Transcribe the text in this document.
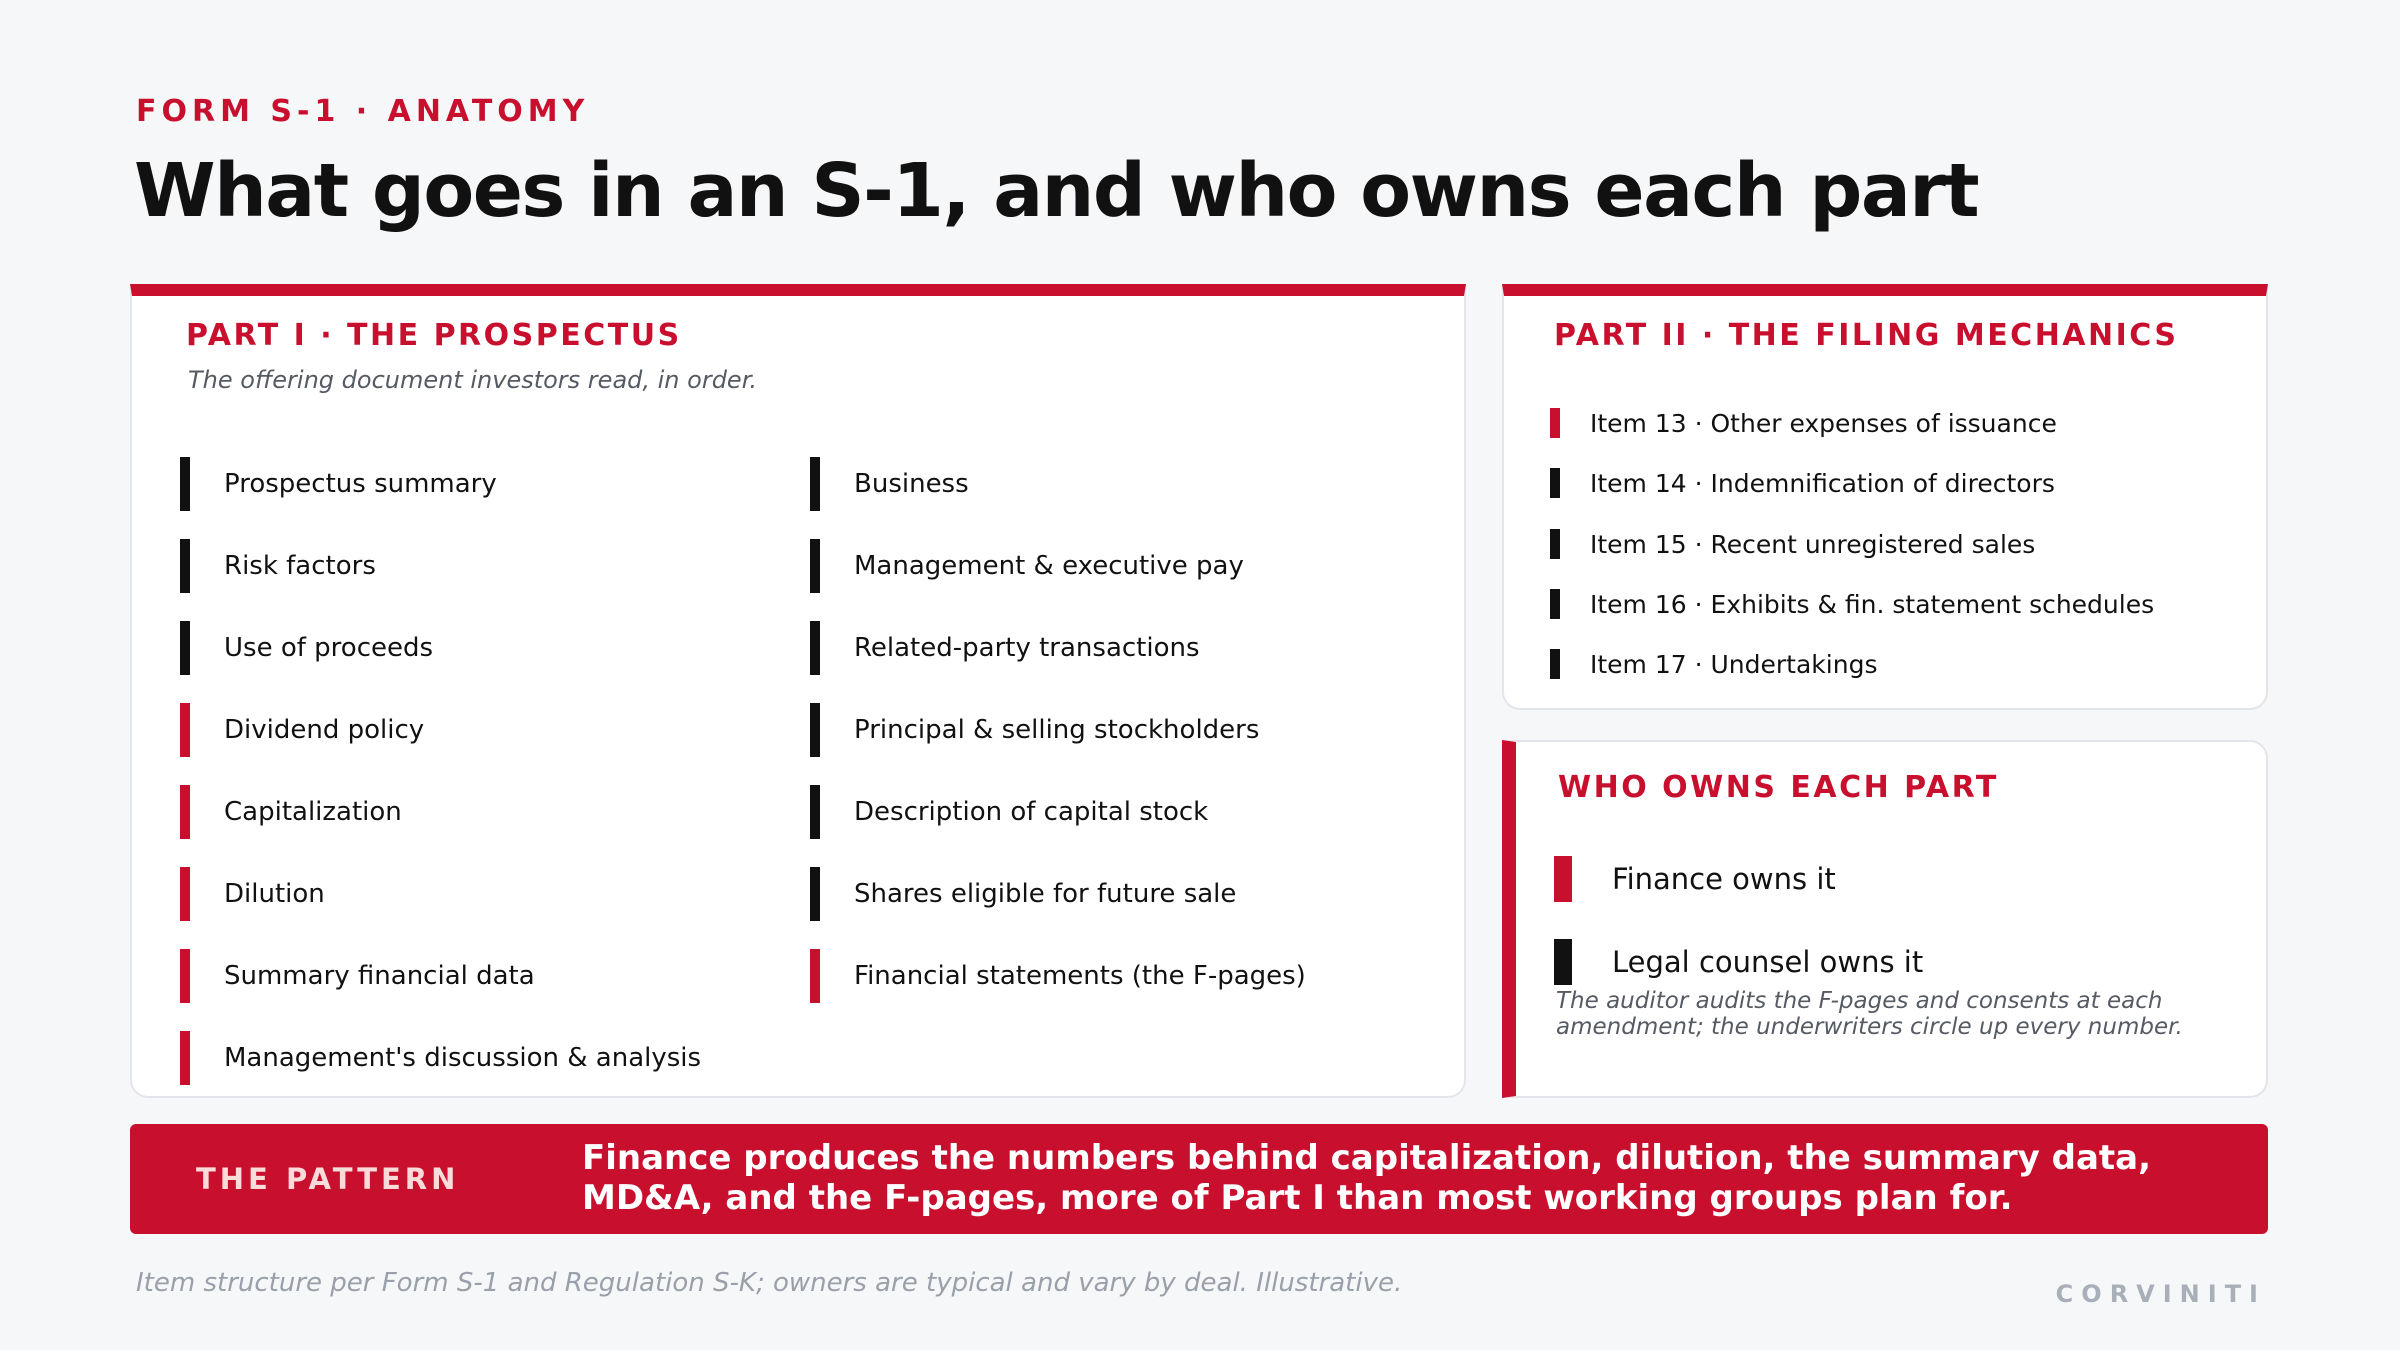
FORM S-1 · ANATOMY
What goes in an S-1, and who owns each part
PART I · THE PROSPECTUS
The offering document investors read, in order.
Prospectus summary
Risk factors
Use of proceeds
Dividend policy
Capitalization
Dilution
Summary financial data
Management's discussion & analysis
Business
Management & executive pay
Related-party transactions
Principal & selling stockholders
Description of capital stock
Shares eligible for future sale
Financial statements (the F-pages)
PART II · THE FILING MECHANICS
Item 13 · Other expenses of issuance
Item 14 · Indemnification of directors
Item 15 · Recent unregistered sales
Item 16 · Exhibits & fin. statement schedules
Item 17 · Undertakings
WHO OWNS EACH PART
Finance owns it
Legal counsel owns it
The auditor audits the F-pages and consents at each amendment; the underwriters circle up every number.
THE PATTERN
Finance produces the numbers behind capitalization, dilution, the summary data, MD&A, and the F-pages, more of Part I than most working groups plan for.
Item structure per Form S-1 and Regulation S-K; owners are typical and vary by deal. Illustrative.	CORVINITI
